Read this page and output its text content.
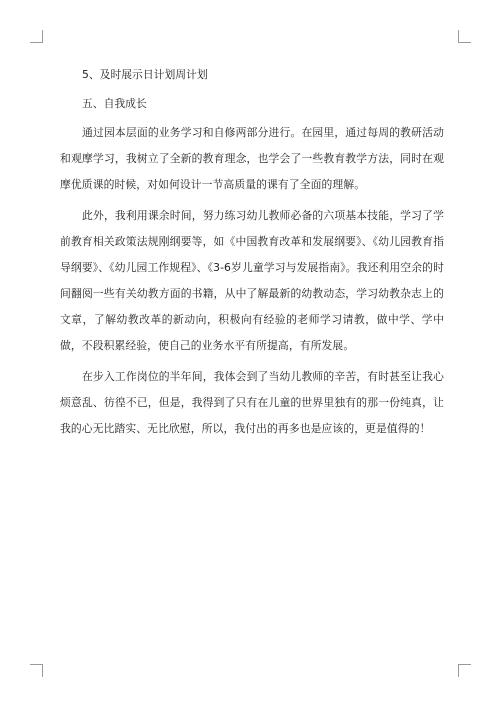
5、及时展示日计划周计划

五、自我成长

通过园本层面的业务学习和自修两部分进行。在园里，通过每周的教研活动和观摩学习，我树立了全新的教育理念，也学会了一些教育教学方法，同时在观摩优质课的时候，对如何设计一节高质量的课有了全面的理解。

此外，我利用课余时间，努力练习幼儿教师必备的六项基本技能，学习了学前教育相关政策法规刚纲要等，如《中国教育改革和发展纲要》、《幼儿园教育指导纲要》、《幼儿园工作规程》、《3-6岁儿童学习与发展指南》。我还利用空余的时间翻阅一些有关幼教方面的书籍，从中了解最新的幼教动态，学习幼教杂志上的文章，了解幼教改革的新动向，积极向有经验的老师学习请教，做中学、学中做，不段积累经验，使自己的业务水平有所提高，有所发展。

在步入工作岗位的半年间，我体会到了当幼儿教师的辛苦，有时甚至让我心烦意乱、彷徨不已，但是，我得到了只有在儿童的世界里独有的那一份纯真，让我的心无比踏实、无比欣慰，所以，我付出的再多也是应该的，更是值得的！
